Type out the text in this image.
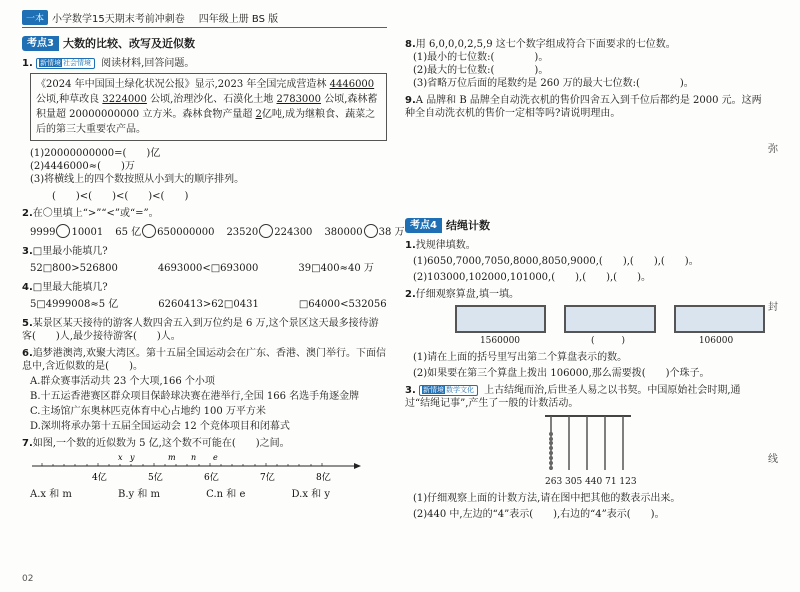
一本 小学数学15天期末考前冲刺卷 四年级上册 BS 版
考点3 大数的比较、改写及近似数
1. 新情境 社会情境 阅读材料,回答问题。
《2024 年中国国土绿化状况公报》显示,2023 年全国完成营造林 4446000 公顷,种草改良 3224000 公顷,治理沙化、石漠化土地 2783000 公顷,森林蓄积量超 20000000000 立方米。森林食物产量超 2亿吨,成为继粮食、蔬菜之后的第三大重要农产品。
(1)20000000000=(　　)亿
(2)4446000≈(　　)万
(3)将横线上的四个数按照从小到大的顺序排列。
(　　)<(　　)<(　　)<(　　)
2.在〇里填上“>”“<”或“=”。
9999 10001 65 亿 650000000 23520 224300 380000 38 万
3.□里最小能填几?
52□800>526800	4693000<□693000	39□400≈40 万
4.□里最大能填几?
5□4999008≈5 亿	6260413>62□0431	□64000<532056
5.某景区某天接待的游客人数四舍五入到万位约是 6 万,这个景区这天最多接待游客(　　)人,最少接待游客(　　)人。
6.追梦港澳湾,欢聚大湾区。第十五届全国运动会在广东、香港、澳门举行。下面信息中,含近似数的是(　　)。
A.群众赛事活动共 23 个大项,166 个小项
B.十五运香港赛区群众项目保龄球决赛在港举行,全国 166 名选手角逐金牌
C.主场馆广东奥林匹克体育中心占地约 100 万平方米
D.深圳将承办第十五届全国运动会 12 个竞体项目和闭幕式
7.如图,一个数的近似数为 5 亿,这个数不可能在(　　)之间。
x y	m n e
4亿	5亿	6亿	7亿	8亿
A.x 和 m	B.y 和 m	C.n 和 e	D.x 和 y
8.用 6,0,0,0,2,5,9 这七个数字组成符合下面要求的七位数。
(1)最小的七位数:(　　　　)。
(2)最大的七位数:(　　　　)。
(3)省略万位后面的尾数约是 260 万的最大七位数:(　　　　)。
9.A 品牌和 B 品牌全自动洗衣机的售价四舍五入到千位后都约是 2000 元。这两种全自动洗衣机的售价一定相等吗?请说明理由。
考点4 结绳计数
1.找规律填数。
(1)6050,7000,7050,8000,8050,9000,(　　),(　　),(　　)。
(2)103000,102000,101000,(　　),(　　),(　　)。
2.仔细观察算盘,填一填。
1560000	(　　　)	106000
(1)请在上面的括号里写出第二个算盘表示的数。
(2)如果要在第三个算盘上拨出 106000,那么需要拨(　　)个珠子。
3. 新情境 数学文化 上古结绳而治,后世圣人易之以书契。中国原始社会时期,通过“结绳记事”,产生了一般的计数活动。
263 305 440 71 123
(1)仔细观察上面的计数方法,请在图中把其他的数表示出来。
(2)440 中,左边的“4”表示(　　),右边的“4”表示(　　)。
弥
封
线
02
